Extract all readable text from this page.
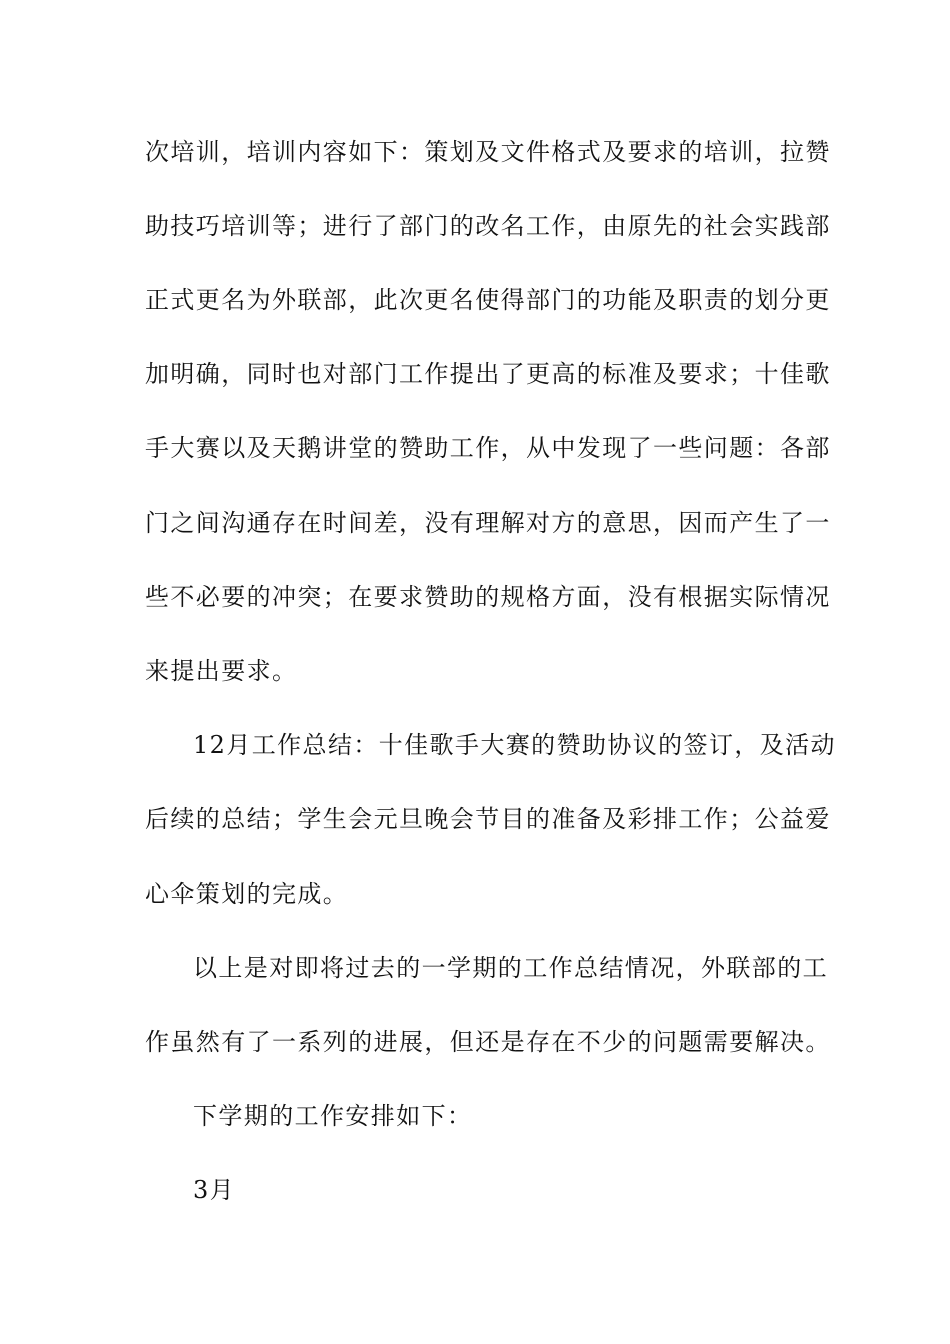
次培训，培训内容如下：策划及文件格式及要求的培训，拉赞
助技巧培训等；进行了部门的改名工作，由原先的社会实践部
正式更名为外联部，此次更名使得部门的功能及职责的划分更
加明确，同时也对部门工作提出了更高的标准及要求；十佳歌
手大赛以及天鹅讲堂的赞助工作，从中发现了一些问题：各部
门之间沟通存在时间差，没有理解对方的意思，因而产生了一
些不必要的冲突；在要求赞助的规格方面，没有根据实际情况
来提出要求。
12月工作总结：十佳歌手大赛的赞助协议的签订，及活动
后续的总结；学生会元旦晚会节目的准备及彩排工作；公益爱
心伞策划的完成。
以上是对即将过去的一学期的工作总结情况，外联部的工
作虽然有了一系列的进展，但还是存在不少的问题需要解决。
下学期的工作安排如下：
3月
